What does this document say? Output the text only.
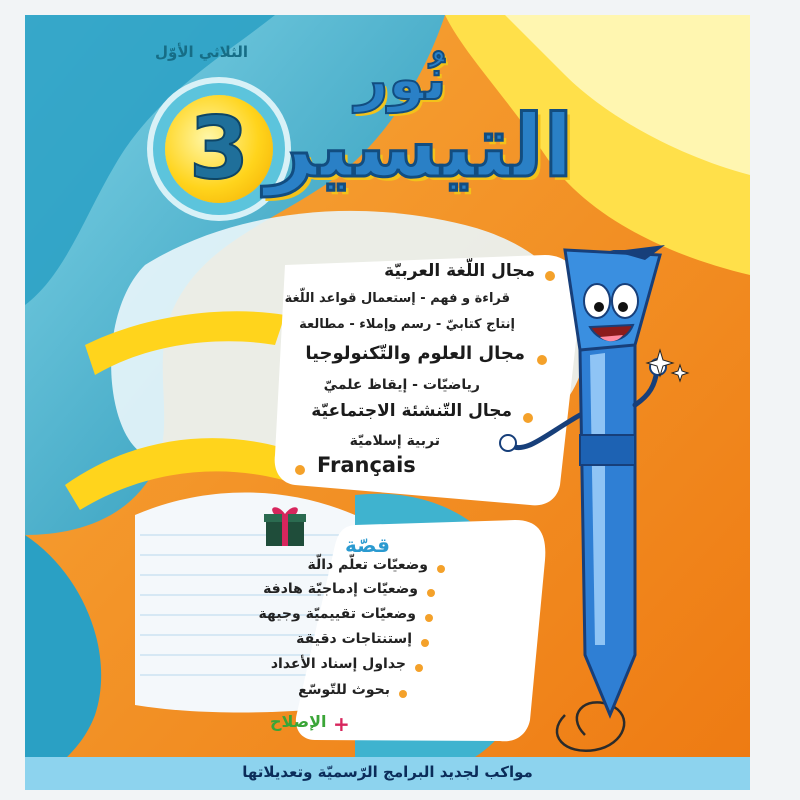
الثلاثي الأوّل
3
نُور
التيسير
مجال اللّغة العربيّة
قراءة و فهم - إستعمال قواعد اللّغة
إنتاج كتابيّ - رسم وإملاء - مطالعة
مجال العلوم والتّكنولوجيا
رياضيّات - إيقاظ علميّ
مجال التّنشئة الاجتماعيّة
تربية إسلاميّة
Français
قصّة
وضعيّات تعلّم دالّة
وضعيّات إدماجيّة هادفة
وضعيّات تقييميّة وجيهة
إستنتاجات دقيقة
جداول إسناد الأعداد
بحوث للتّوسّع
+
الإصلاح
مواكب لجديد البرامج الرّسميّة وتعديلاتها
